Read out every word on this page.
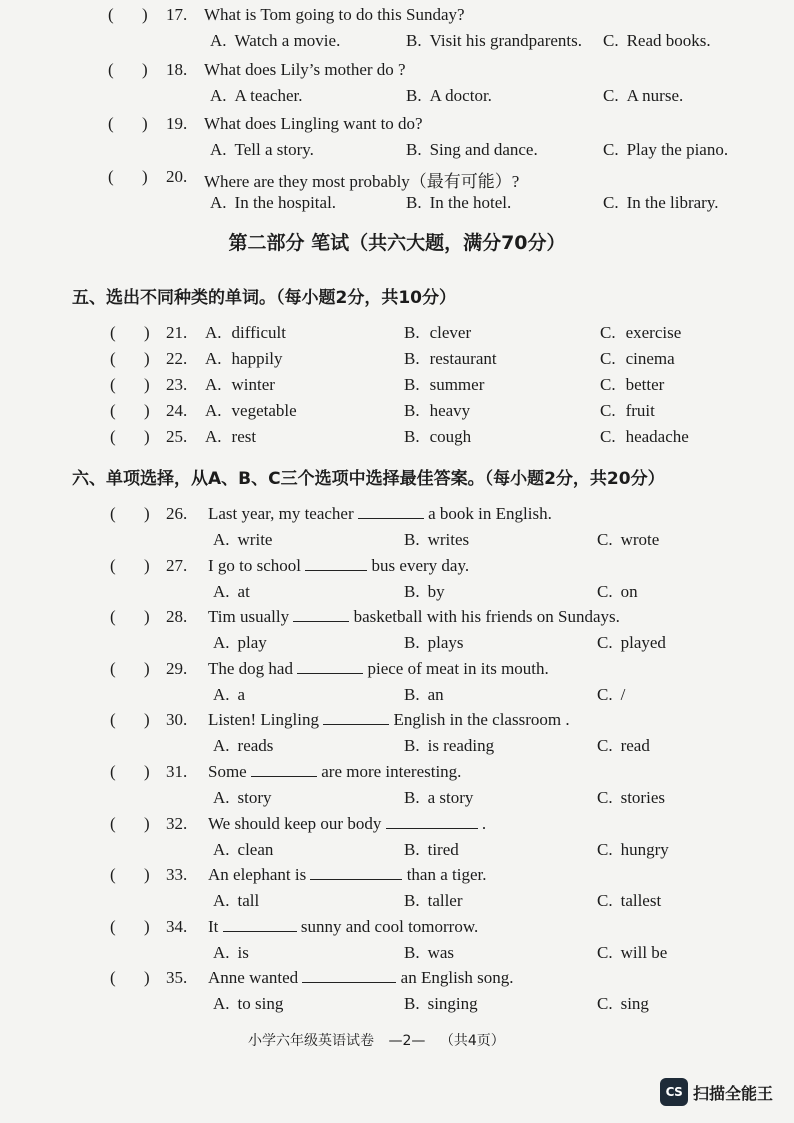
( ) 17. What is Tom going to do this Sunday?
A. Watch a movie.	B. Visit his grandparents. C. Read books.
( ) 18. What does Lily’s mother do ?
A. A teacher.	B. A doctor.	C. A nurse.
( ) 19. What does Lingling want to do?
A. Tell a story.	B. Sing and dance.	C. Play the piano.
( ) 20. Where are they most probably（最有可能）?
A. In the hospital.	B. In the hotel.	C. In the library.
第二部分 笔试（共六大题，满分70分）
五、选出不同种类的单词。（每小题2分，共10分）
( ) 21. A. difficult	B. clever	C. exercise
( ) 22. A. happily	B. restaurant	C. cinema
( ) 23. A. winter	B. summer	C. better
( ) 24. A. vegetable	B. heavy	C. fruit
( ) 25. A. rest	B. cough	C. headache
六、单项选择，从A、B、C三个选项中选择最佳答案。（每小题2分，共20分）
( ) 26. Last year, my teacher	a book in English.
A. write	B. writes	C. wrote
( ) 27. I go to school	bus every day.
A. at	B. by	C. on
( ) 28. Tim usually	basketball with his friends on Sundays.
A. play	B. plays	C. played
( ) 29. The dog had	piece of meat in its mouth.
A. a	B. an	C. /
( ) 30. Listen! Lingling	English in the classroom .
A. reads	B. is reading	C. read
( ) 31. Some	are more interesting.
A. story	B. a story	C. stories
( ) 32. We should keep our body	.
A. clean	B. tired	C. hungry
( ) 33. An elephant is	than a tiger.
A. tall	B. taller	C. tallest
( ) 34. It	sunny and cool tomorrow.
A. is	B. was	C. will be
( ) 35. Anne wanted	an English song.
A. to sing	B. singing	C. sing
小学六年级英语试卷 —2— （共4页）
CS 扫描全能王
